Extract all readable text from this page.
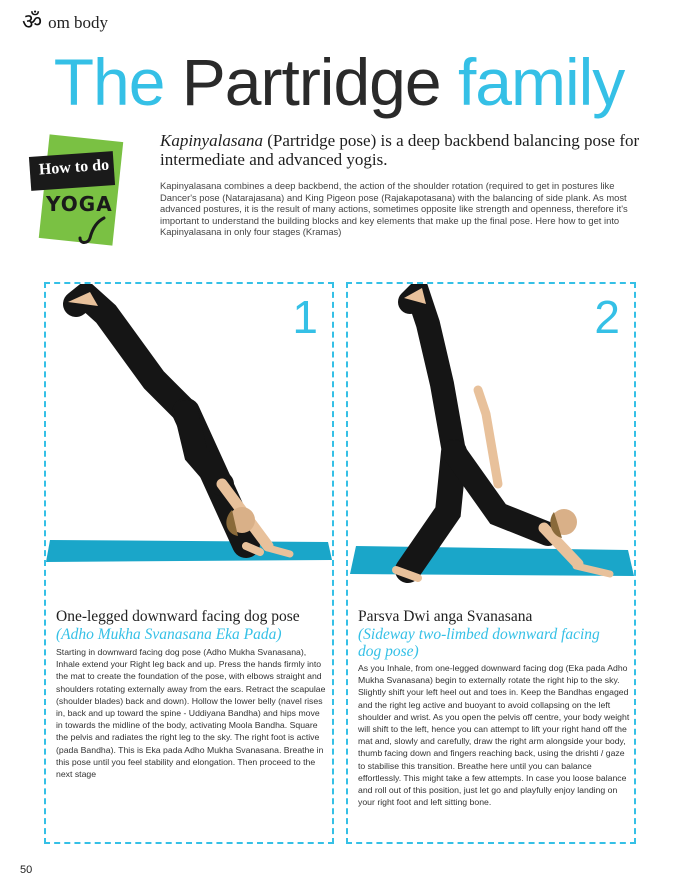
ॐ om body
The Partridge family
How to do
YOGA
Kapinyalasana (Partridge pose) is a deep backbend balancing pose for intermediate and advanced yogis.
Kapinyalasana combines a deep backbend, the action of the shoulder rotation (required to get in postures like Dancer's pose (Natarajasana) and King Pigeon pose (Rajakapotasana) with the balancing of side plank. As most advanced postures, it is the result of many actions, sometimes opposite like strength and openness, therefore it's important to understand the building blocks and key elements that make up the final pose. Here how to get into Kapinyalasana in only four stages (Kramas)
1
One-legged downward facing dog pose
(Adho Mukha Svanasana Eka Pada)
Starting in downward facing dog pose (Adho Mukha Svanasana), Inhale extend your Right leg back and up. Press the hands firmly into the mat to create the foundation of the pose, with elbows straight and shoulders rotating externally away from the ears. Retract the scapulae (shoulder blades) back and down). Hollow the lower belly (navel rises in, back and up toward the spine - Uddiyana Bandha) and hips move in towards the midline of the body, activating Moola Bandha. Square the pelvis and radiates the right leg to the sky. The right foot is active (pada Bandha). This is Eka pada Adho Mukha Svanasana. Breathe in this pose until you feel stability and elongation. Then proceed to the next stage
2
Parsva Dwi anga Svanasana
(Sideway two-limbed downward facing dog pose)
As you Inhale, from one-legged downward facing dog (Eka pada Adho Mukha Svanasana) begin to externally rotate the right hip to the sky. Slightly shift your left heel out and toes in. Keep the Bandhas engaged and the right leg active and buoyant to avoid collapsing on the left shoulder and wrist. As you open the pelvis off centre, your body weight will shift to the left, hence you can attempt to lift your right hand off the mat and, slowly and carefully, draw the right arm alongside your body, thumb facing down and fingers reaching back, using the drishti / gaze to stabilise this transition. Breathe here until you can balance effortlessly. This might take a few attempts. In case you loose balance and roll out of this position, just let go and playfully enjoy landing on your right foot and left sitting bone.
50
